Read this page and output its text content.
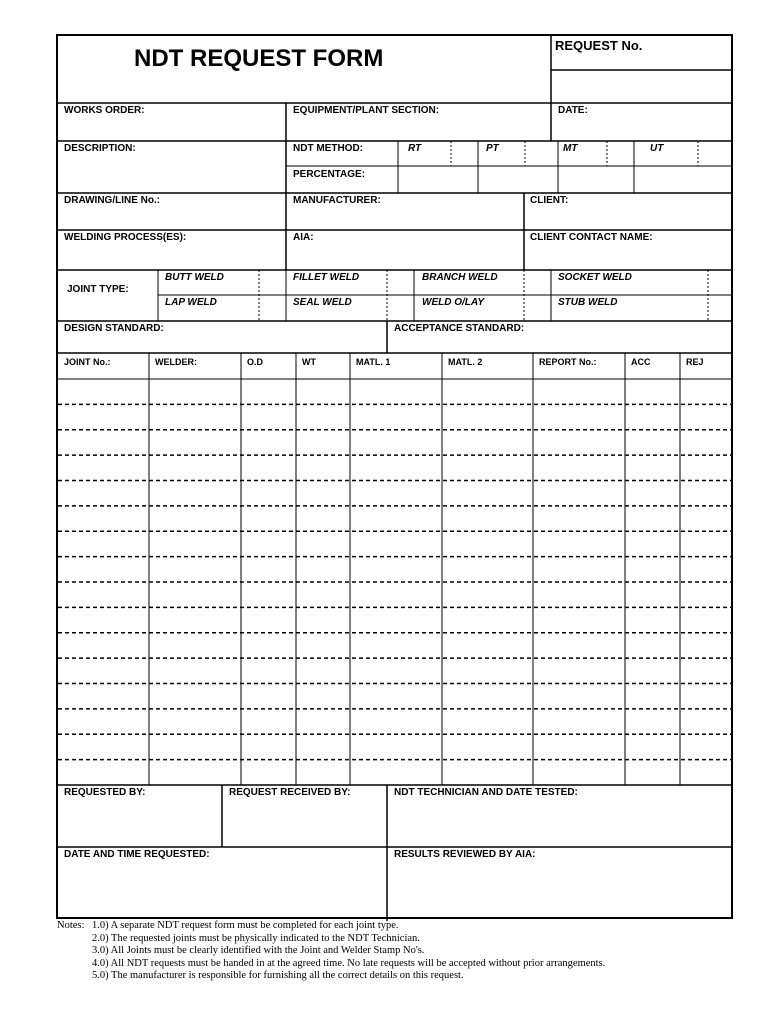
NDT REQUEST FORM	REQUEST No.
WORKS ORDER:	EQUIPMENT/PLANT SECTION:	DATE:
DESCRIPTION:	NDT METHOD:	RT	PT	MT	UT
PERCENTAGE:
DRAWING/LINE No.:	MANUFACTURER:	CLIENT:
WELDING PROCESS(ES):	AIA:	CLIENT CONTACT NAME:
JOINT TYPE:
BUTT WELD	FILLET WELD	BRANCH WELD	SOCKET WELD
LAP WELD	SEAL WELD	WELD O/LAY	STUB WELD
DESIGN STANDARD:	ACCEPTANCE STANDARD:
JOINT No.:	WELDER:	O.D	WT	MATL. 1	MATL. 2	REPORT No.:	ACC	REJ
REQUESTED BY:	REQUEST RECEIVED BY:	NDT TECHNICIAN AND DATE TESTED:
DATE AND TIME REQUESTED:	RESULTS REVIEWED BY AIA:
Notes: 1.0) A separate NDT request form must be completed for each joint type.
2.0) The requested joints must be physically indicated to the NDT Technician.
3.0) All Joints must be clearly identified with the Joint and Welder Stamp No's.
4.0) All NDT requests must be handed in at the agreed time. No late requests will be accepted without prior arrangements.
5.0) The manufacturer is responsible for furnishing all the correct details on this request.
